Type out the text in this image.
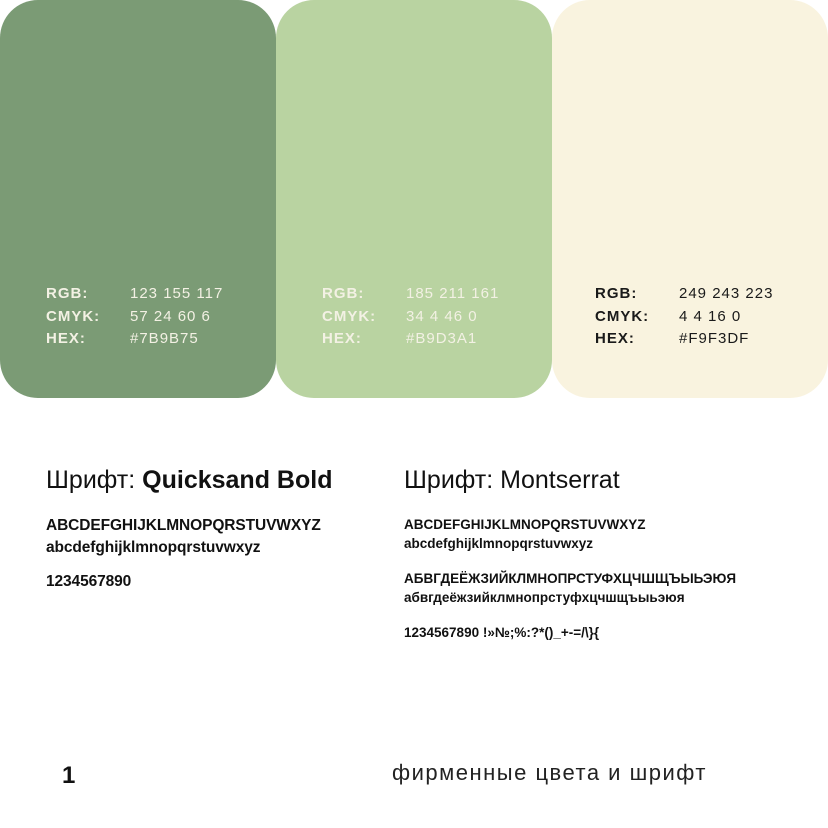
RGB:	123 155 117
CMYK:	57 24 60 6
HEX:	#7B9B75
RGB:	185 211 161
CMYK:	34 4 46 0
HEX:	#B9D3A1
RGB:	249 243 223
CMYK:	4 4 16 0
HEX:	#F9F3DF
Шрифт: Quicksand Bold
ABCDEFGHIJKLMNOPQRSTUVWXYZ
abcdefghijklmnopqrstuvwxyz
1234567890
Шрифт: Montserrat
ABCDEFGHIJKLMNOPQRSTUVWXYZ
abcdefghijklmnopqrstuvwxyz
АБВГДЕЁЖЗИЙКЛМНОПРСТУФХЦЧШЩЪЫЬЭЮЯ
абвгдеёжзийклмнопрстуфхцчшщъыьэюя
1234567890 !»№;%:?*()_+-=/\}{
1	фирменные цвета и шрифт
